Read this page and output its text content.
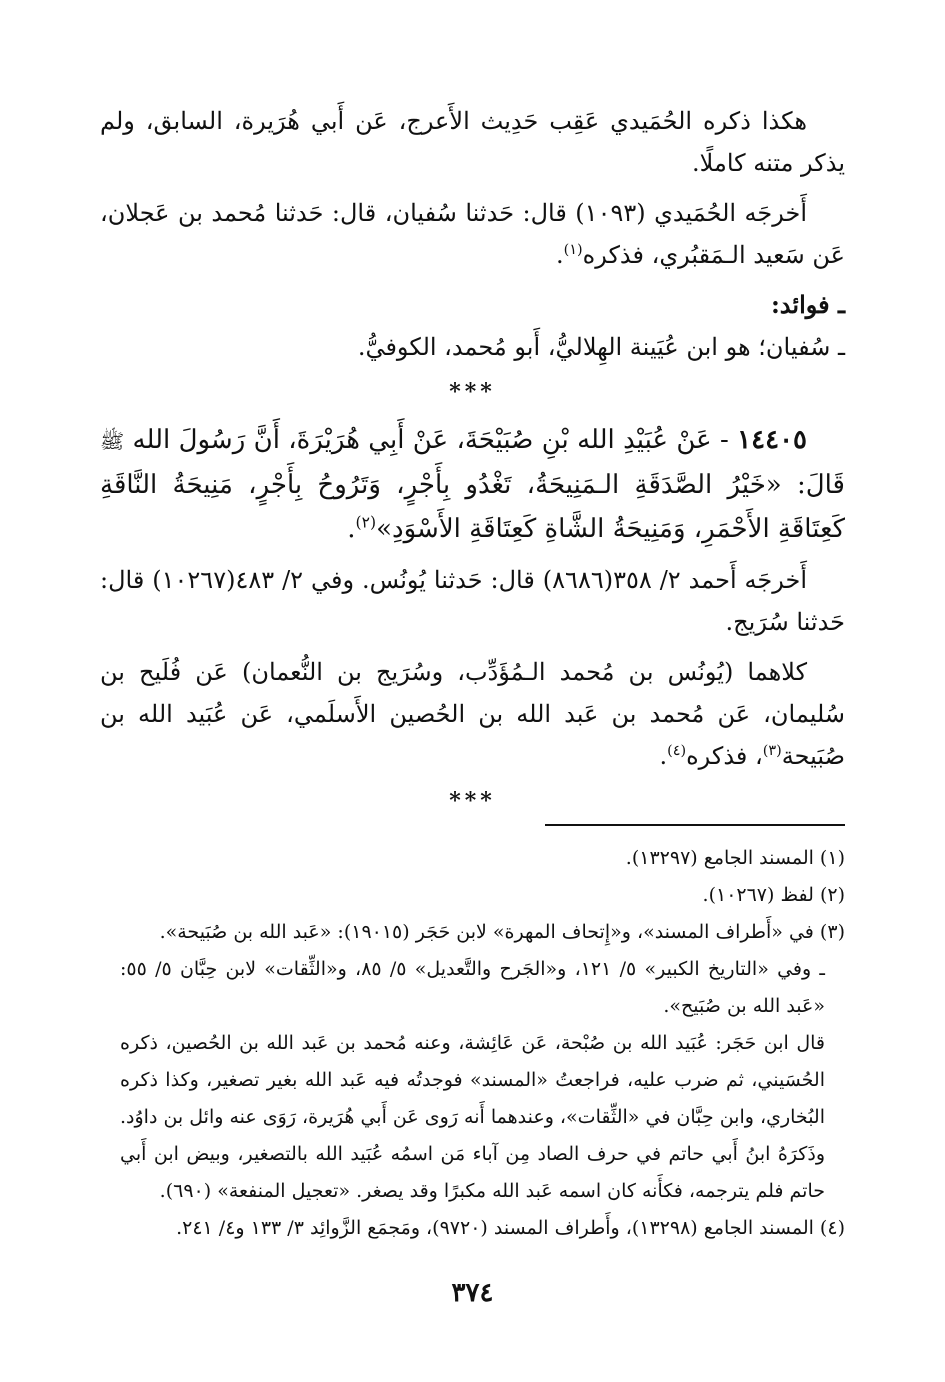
هكذا ذكره الحُمَيدي عَقِب حَدِيث الأَعرج، عَن أَبي هُرَيرة، السابق، ولم يذكر متنه كاملًا.

أَخرجَه الحُمَيدي (١٠٩٣) قال: حَدثنا سُفيان، قال: حَدثنا مُحمد بن عَجلان، عَن سَعيد الـمَقبُري، فذكره$^{(١)}$.

ـ فوائد:

ـ سُفيان؛ هو ابن عُيَينة الهِلاليُّ، أَبو مُحمد، الكوفيُّ.

***

١٤٤٠٥ - عَنْ عُبَيْدِ الله بْنِ صُبَيْحَةَ، عَنْ أَبِي هُرَيْرَةَ، أَنَّ رَسُولَ الله ﷺ قَالَ: «خَيْرُ الصَّدَقَةِ الـمَنِيحَةُ، تَغْدُو بِأَجْرٍ، وَتَرُوحُ بِأَجْرٍ، مَنِيحَةُ النَّاقَةِ كَعِتَاقَةِ الأَحْمَرِ، وَمَنِيحَةُ الشَّاةِ كَعِتَاقَةِ الأَسْوَدِ»$^{(٢)}$.

أَخرجَه أَحمد ٢/ ٣٥٨(٨٦٨٦) قال: حَدثنا يُونُس. وفي ٢/ ٤٨٣(١٠٢٦٧) قال: حَدثنا سُرَيج.

كلاهما (يُونُس بن مُحمد الـمُؤَدِّب، وسُرَيج بن النُّعمان) عَن فُلَيح بن سُليمان، عَن مُحمد بن عَبد الله بن الحُصين الأَسلَمي، عَن عُبَيد الله بن صُبَيحة$^{(٣)}$، فذكره$^{(٤)}$.

***

(١) المسند الجامع (١٣٢٩٧).

(٢) لفظ (١٠٢٦٧).

(٣) في «أَطراف المسند»، و«إِتحاف المهرة» لابن حَجَر (١٩٠١٥): «عَبد الله بن صُبَيحة».

ـ وفي «التاريخ الكبير» ٥/ ١٢١، و«الجَرح والتَّعديل» ٥/ ٨٥، و«الثِّقات» لابن حِبَّان ٥/ ٥٥: «عَبد الله بن صُبَيح».

قال ابن حَجَر: عُبَيد الله بن صُبْحة، عَن عَائِشة، وعنه مُحمد بن عَبد الله بن الحُصين، ذكره الحُسَيني، ثم ضرب عليه، فراجعتُ «المسند» فوجدتُه فيه عَبد الله بغير تصغير، وكذا ذكره البُخاري، وابن حِبَّان في «الثِّقات»، وعندهما أَنه رَوى عَن أَبي هُرَيرة، رَوَى عنه وائل بن داوُد. وذَكرَهُ ابنُ أَبي حاتم في حرف الصاد مِن آباء مَن اسمُه عُبَيد الله بالتصغير، وبيض ابن أَبي حاتم فلم يترجمه، فكأَنه كان اسمه عَبد الله مكبرًا وقد يصغر. «تعجيل المنفعة» (٦٩٠).

(٤) المسند الجامع (١٣٢٩٨)، وأَطراف المسند (٩٧٢٠)، ومَجمَع الزَّوائِد ٣/ ١٣٣ و٤/ ٢٤١.

٣٧٤
